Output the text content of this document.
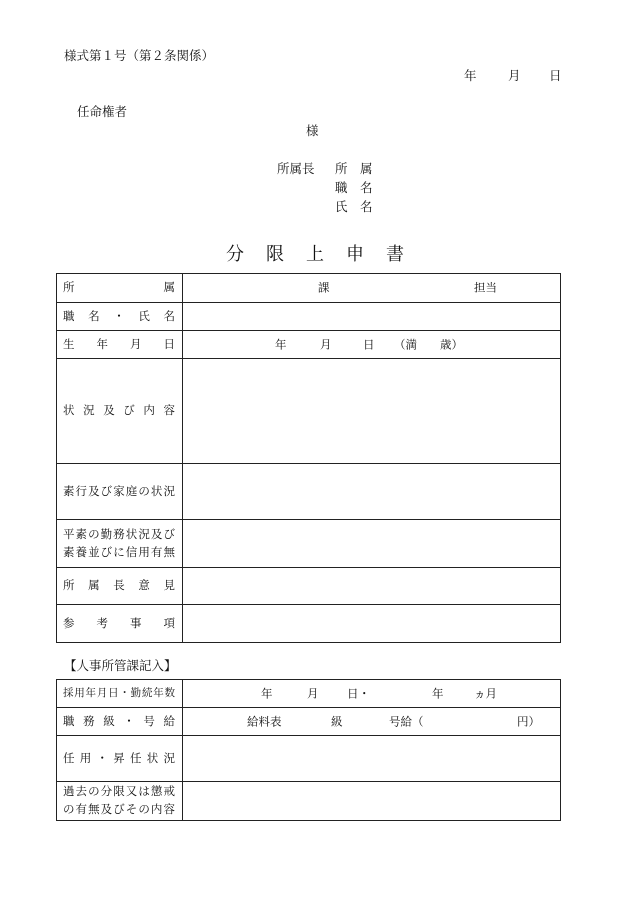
様式第１号（第２条関係）
年	月 日
任命権者
様
所属長 所　属
職　名
氏　名
分限上申書
所属	課 担当

職名・氏名	

生年月日	年 月 日 （満　　歳）

状況及び内容	

素行及び家庭の状況	

平素の勤務状況及び
素養並びに信用有無	

所属長意見	

参考事項	

【人事所管課記入】
採用年月日・勤続年数	年 月 日・ 年 ヵ月

職務級・号給	給料表 級 号給（ 円）

任用・昇任状況	

過去の分限又は懲戒
の有無及びその内容	
